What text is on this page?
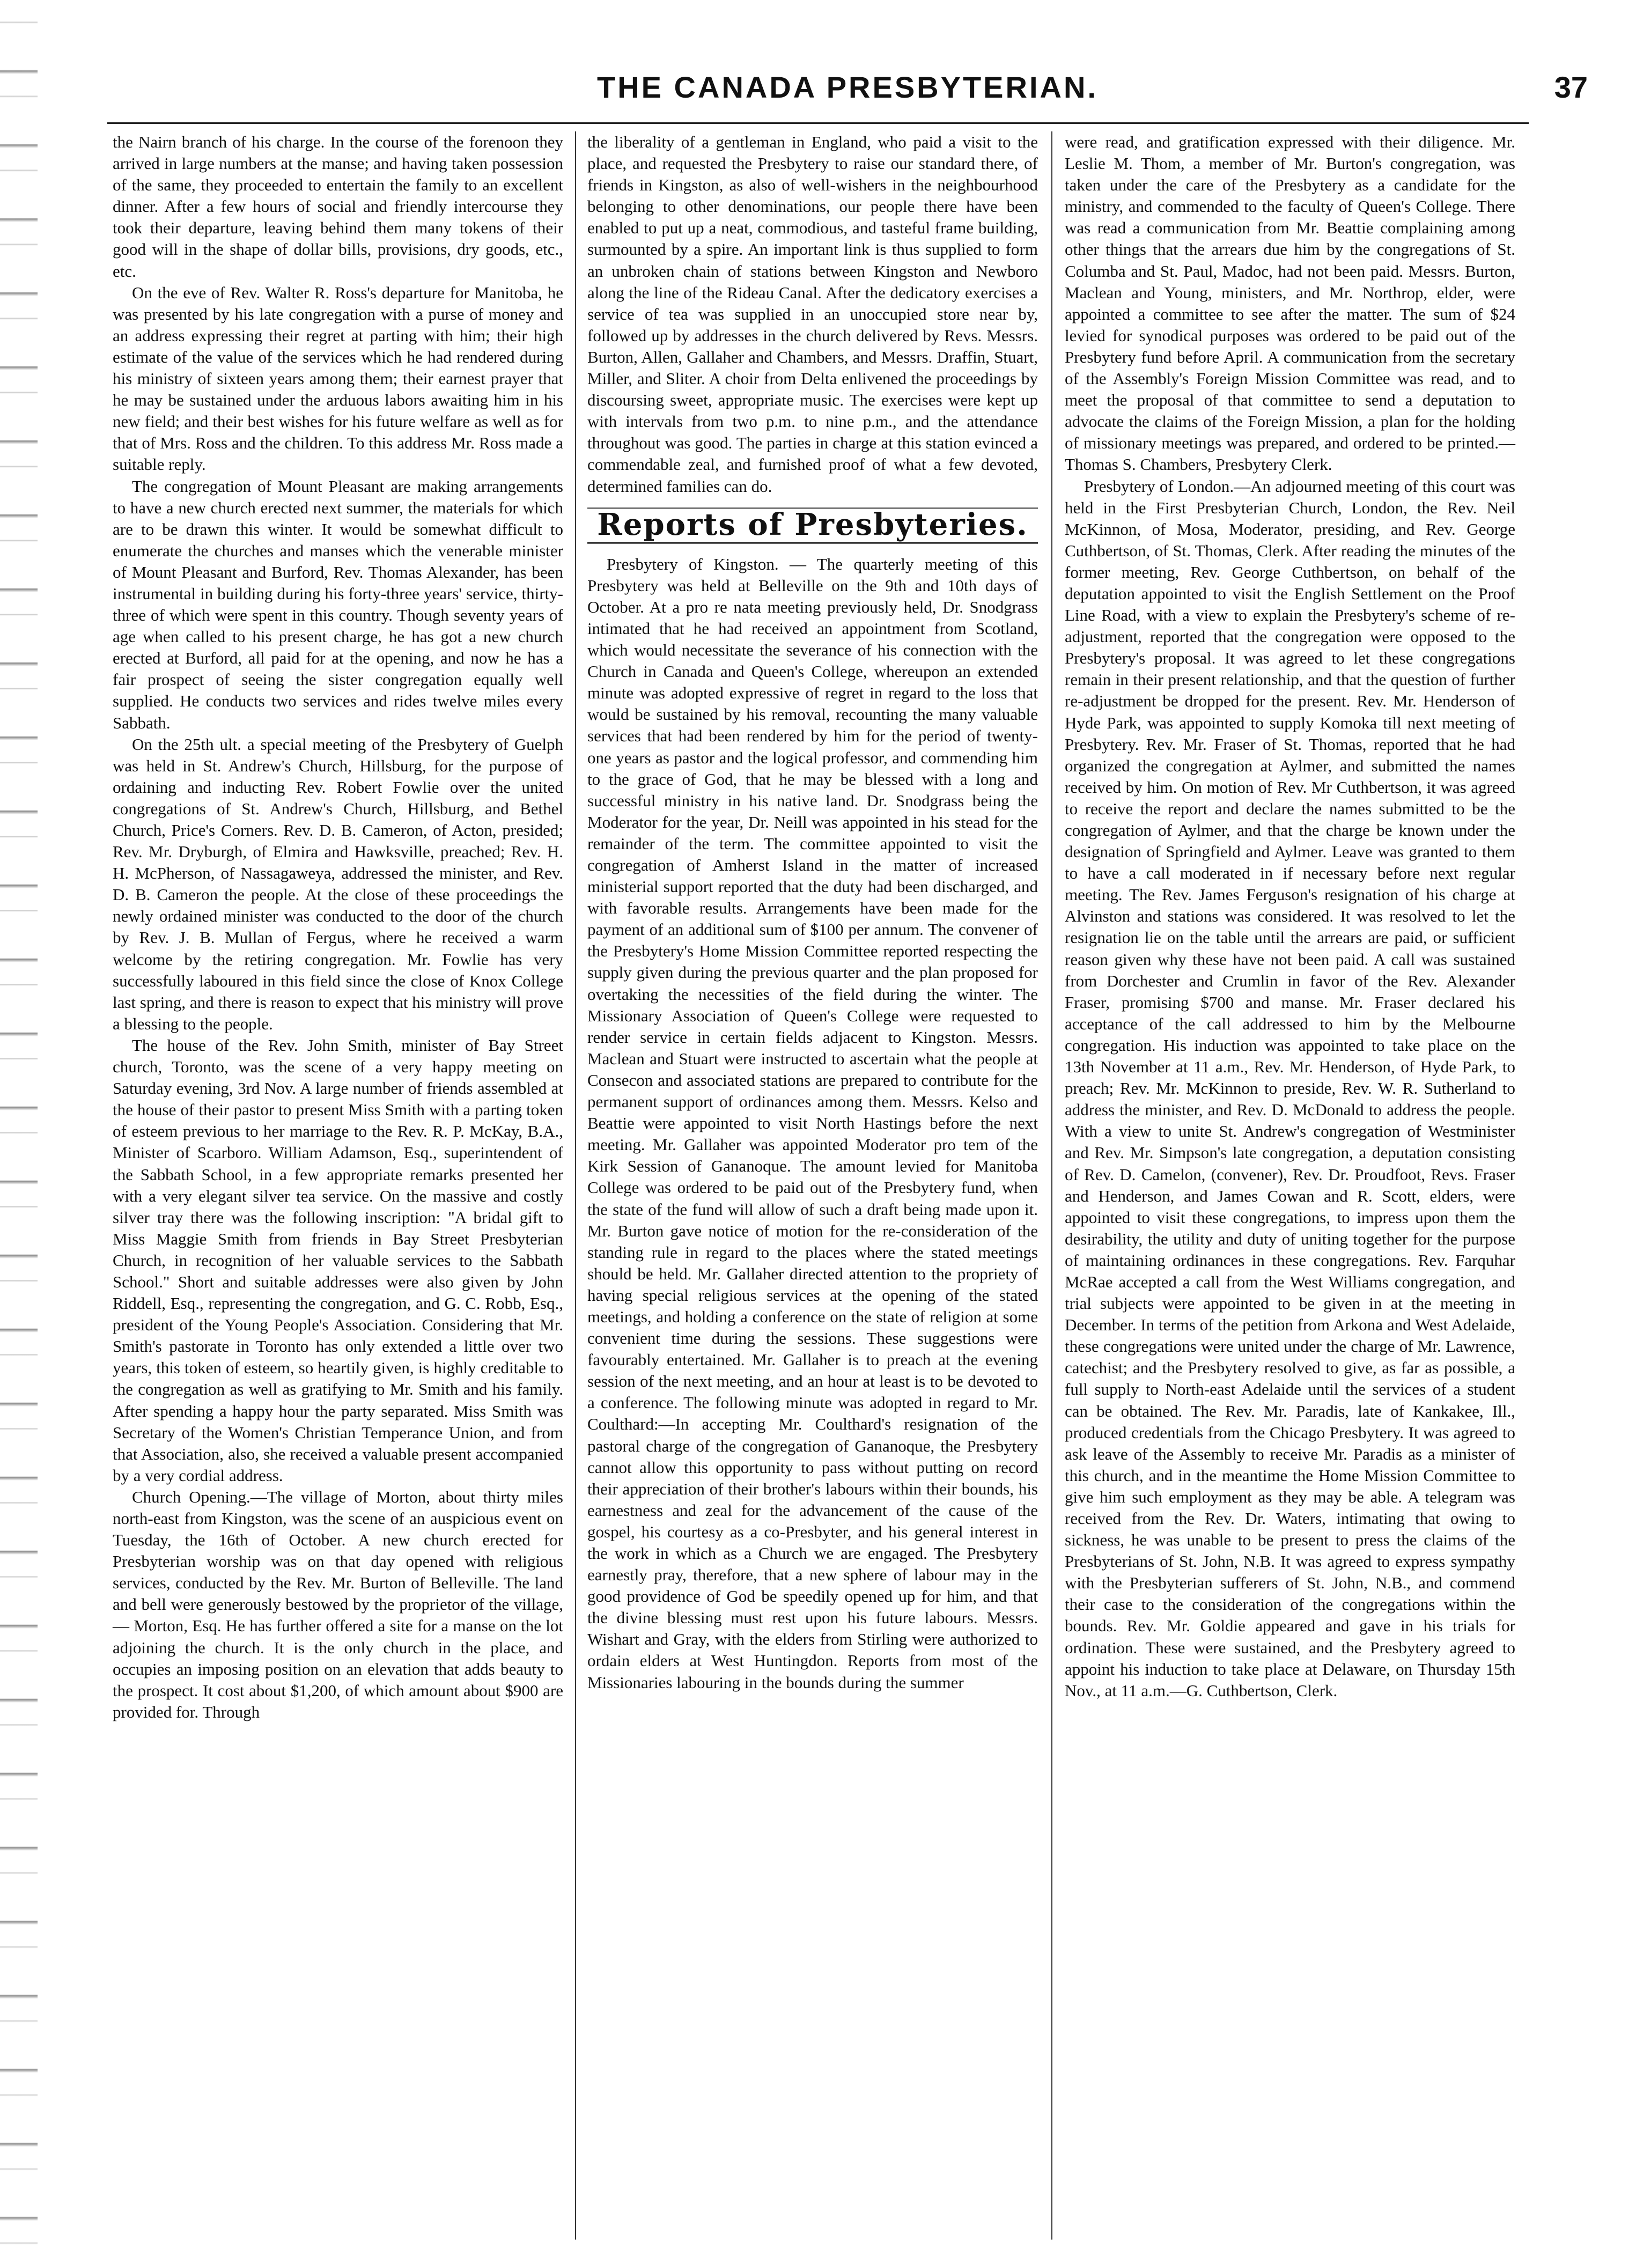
THE CANADA PRESBYTERIAN.	37

the Nairn branch of his charge. In the course of the forenoon they arrived in large numbers at the manse; and having taken possession of the same, they proceeded to entertain the family to an excellent dinner. After a few hours of social and friendly intercourse they took their departure, leaving behind them many tokens of their good will in the shape of dollar bills, provisions, dry goods, etc., etc.

On the eve of Rev. Walter R. Ross's departure for Manitoba, he was presented by his late congregation with a purse of money and an address expressing their regret at parting with him; their high estimate of the value of the services which he had rendered during his ministry of sixteen years among them; their earnest prayer that he may be sustained under the arduous labors awaiting him in his new field; and their best wishes for his future welfare as well as for that of Mrs. Ross and the children. To this address Mr. Ross made a suitable reply.

The congregation of Mount Pleasant are making arrangements to have a new church erected next summer, the materials for which are to be drawn this winter. It would be somewhat difficult to enumerate the churches and manses which the venerable minister of Mount Pleasant and Burford, Rev. Thomas Alexander, has been instrumental in building during his forty-three years' service, thirty-three of which were spent in this country. Though seventy years of age when called to his present charge, he has got a new church erected at Burford, all paid for at the opening, and now he has a fair prospect of seeing the sister congregation equally well supplied. He conducts two services and rides twelve miles every Sabbath.

On the 25th ult. a special meeting of the Presbytery of Guelph was held in St. Andrew's Church, Hillsburg, for the purpose of ordaining and inducting Rev. Robert Fowlie over the united congregations of St. Andrew's Church, Hillsburg, and Bethel Church, Price's Corners. Rev. D. B. Cameron, of Acton, presided; Rev. Mr. Dryburgh, of Elmira and Hawksville, preached; Rev. H. H. McPherson, of Nassagaweya, addressed the minister, and Rev. D. B. Cameron the people. At the close of these proceedings the newly ordained minister was conducted to the door of the church by Rev. J. B. Mullan of Fergus, where he received a warm welcome by the retiring congregation. Mr. Fowlie has very successfully laboured in this field since the close of Knox College last spring, and there is reason to expect that his ministry will prove a blessing to the people.

The house of the Rev. John Smith, minister of Bay Street church, Toronto, was the scene of a very happy meeting on Saturday evening, 3rd Nov. A large number of friends assembled at the house of their pastor to present Miss Smith with a parting token of esteem previous to her marriage to the Rev. R. P. McKay, B.A., Minister of Scarboro. William Adamson, Esq., superintendent of the Sabbath School, in a few appropriate remarks presented her with a very elegant silver tea service. On the massive and costly silver tray there was the following inscription: "A bridal gift to Miss Maggie Smith from friends in Bay Street Presbyterian Church, in recognition of her valuable services to the Sabbath School." Short and suitable addresses were also given by John Riddell, Esq., representing the congregation, and G. C. Robb, Esq., president of the Young People's Association. Considering that Mr. Smith's pastorate in Toronto has only extended a little over two years, this token of esteem, so heartily given, is highly creditable to the congregation as well as gratifying to Mr. Smith and his family. After spending a happy hour the party separated. Miss Smith was Secretary of the Women's Christian Temperance Union, and from that Association, also, she received a valuable present accompanied by a very cordial address.

Church Opening.—The village of Morton, about thirty miles north-east from Kingston, was the scene of an auspicious event on Tuesday, the 16th of October. A new church erected for Presbyterian worship was on that day opened with religious services, conducted by the Rev. Mr. Burton of Belleville. The land and bell were generously bestowed by the proprietor of the village, — Morton, Esq. He has further offered a site for a manse on the lot adjoining the church. It is the only church in the place, and occupies an imposing position on an elevation that adds beauty to the prospect. It cost about $1,200, of which amount about $900 are provided for. Through

the liberality of a gentleman in England, who paid a visit to the place, and requested the Presbytery to raise our standard there, of friends in Kingston, as also of well-wishers in the neighbourhood belonging to other denominations, our people there have been enabled to put up a neat, commodious, and tasteful frame building, surmounted by a spire. An important link is thus supplied to form an unbroken chain of stations between Kingston and Newboro along the line of the Rideau Canal. After the dedicatory exercises a service of tea was supplied in an unoccupied store near by, followed up by addresses in the church delivered by Revs. Messrs. Burton, Allen, Gallaher and Chambers, and Messrs. Draffin, Stuart, Miller, and Sliter. A choir from Delta enlivened the proceedings by discoursing sweet, appropriate music. The exercises were kept up with intervals from two p.m. to nine p.m., and the attendance throughout was good. The parties in charge at this station evinced a commendable zeal, and furnished proof of what a few devoted, determined families can do.

Reports of Presbyteries.

Presbytery of Kingston. — The quarterly meeting of this Presbytery was held at Belleville on the 9th and 10th days of October. At a pro re nata meeting previously held, Dr. Snodgrass intimated that he had received an appointment from Scotland, which would necessitate the severance of his connection with the Church in Canada and Queen's College, whereupon an extended minute was adopted expressive of regret in regard to the loss that would be sustained by his removal, recounting the many valuable services that had been rendered by him for the period of twenty-one years as pastor and the logical professor, and commending him to the grace of God, that he may be blessed with a long and successful ministry in his native land. Dr. Snodgrass being the Moderator for the year, Dr. Neill was appointed in his stead for the remainder of the term. The committee appointed to visit the congregation of Amherst Island in the matter of increased ministerial support reported that the duty had been discharged, and with favorable results. Arrangements have been made for the payment of an additional sum of $100 per annum. The convener of the Presbytery's Home Mission Committee reported respecting the supply given during the previous quarter and the plan proposed for overtaking the necessities of the field during the winter. The Missionary Association of Queen's College were requested to render service in certain fields adjacent to Kingston. Messrs. Maclean and Stuart were instructed to ascertain what the people at Consecon and associated stations are prepared to contribute for the permanent support of ordinances among them. Messrs. Kelso and Beattie were appointed to visit North Hastings before the next meeting. Mr. Gallaher was appointed Moderator pro tem of the Kirk Session of Gananoque. The amount levied for Manitoba College was ordered to be paid out of the Presbytery fund, when the state of the fund will allow of such a draft being made upon it. Mr. Burton gave notice of motion for the re-consideration of the standing rule in regard to the places where the stated meetings should be held. Mr. Gallaher directed attention to the propriety of having special religious services at the opening of the stated meetings, and holding a conference on the state of religion at some convenient time during the sessions. These suggestions were favourably entertained. Mr. Gallaher is to preach at the evening session of the next meeting, and an hour at least is to be devoted to a conference. The following minute was adopted in regard to Mr. Coulthard:—In accepting Mr. Coulthard's resignation of the pastoral charge of the congregation of Gananoque, the Presbytery cannot allow this opportunity to pass without putting on record their appreciation of their brother's labours within their bounds, his earnestness and zeal for the advancement of the cause of the gospel, his courtesy as a co-Presbyter, and his general interest in the work in which as a Church we are engaged. The Presbytery earnestly pray, therefore, that a new sphere of labour may in the good providence of God be speedily opened up for him, and that the divine blessing must rest upon his future labours. Messrs. Wishart and Gray, with the elders from Stirling were authorized to ordain elders at West Huntingdon. Reports from most of the Missionaries labouring in the bounds during the summer

were read, and gratification expressed with their diligence. Mr. Leslie M. Thom, a member of Mr. Burton's congregation, was taken under the care of the Presbytery as a candidate for the ministry, and commended to the faculty of Queen's College. There was read a communication from Mr. Beattie complaining among other things that the arrears due him by the congregations of St. Columba and St. Paul, Madoc, had not been paid. Messrs. Burton, Maclean and Young, ministers, and Mr. Northrop, elder, were appointed a committee to see after the matter. The sum of $24 levied for synodical purposes was ordered to be paid out of the Presbytery fund before April. A communication from the secretary of the Assembly's Foreign Mission Committee was read, and to meet the proposal of that committee to send a deputation to advocate the claims of the Foreign Mission, a plan for the holding of missionary meetings was prepared, and ordered to be printed.—Thomas S. Chambers, Presbytery Clerk.

Presbytery of London.—An adjourned meeting of this court was held in the First Presbyterian Church, London, the Rev. Neil McKinnon, of Mosa, Moderator, presiding, and Rev. George Cuthbertson, of St. Thomas, Clerk. After reading the minutes of the former meeting, Rev. George Cuthbertson, on behalf of the deputation appointed to visit the English Settlement on the Proof Line Road, with a view to explain the Presbytery's scheme of re-adjustment, reported that the congregation were opposed to the Presbytery's proposal. It was agreed to let these congregations remain in their present relationship, and that the question of further re-adjustment be dropped for the present. Rev. Mr. Henderson of Hyde Park, was appointed to supply Komoka till next meeting of Presbytery. Rev. Mr. Fraser of St. Thomas, reported that he had organized the congregation at Aylmer, and submitted the names received by him. On motion of Rev. Mr Cuthbertson, it was agreed to receive the report and declare the names submitted to be the congregation of Aylmer, and that the charge be known under the designation of Springfield and Aylmer. Leave was granted to them to have a call moderated in if necessary before next regular meeting. The Rev. James Ferguson's resignation of his charge at Alvinston and stations was considered. It was resolved to let the resignation lie on the table until the arrears are paid, or sufficient reason given why these have not been paid. A call was sustained from Dorchester and Crumlin in favor of the Rev. Alexander Fraser, promising $700 and manse. Mr. Fraser declared his acceptance of the call addressed to him by the Melbourne congregation. His induction was appointed to take place on the 13th November at 11 a.m., Rev. Mr. Henderson, of Hyde Park, to preach; Rev. Mr. McKinnon to preside, Rev. W. R. Sutherland to address the minister, and Rev. D. McDonald to address the people. With a view to unite St. Andrew's congregation of Westminister and Rev. Mr. Simpson's late congregation, a deputation consisting of Rev. D. Camelon, (convener), Rev. Dr. Proudfoot, Revs. Fraser and Henderson, and James Cowan and R. Scott, elders, were appointed to visit these congregations, to impress upon them the desirability, the utility and duty of uniting together for the purpose of maintaining ordinances in these congregations. Rev. Farquhar McRae accepted a call from the West Williams congregation, and trial subjects were appointed to be given in at the meeting in December. In terms of the petition from Arkona and West Adelaide, these congregations were united under the charge of Mr. Lawrence, catechist; and the Presbytery resolved to give, as far as possible, a full supply to North-east Adelaide until the services of a student can be obtained. The Rev. Mr. Paradis, late of Kankakee, Ill., produced credentials from the Chicago Presbytery. It was agreed to ask leave of the Assembly to receive Mr. Paradis as a minister of this church, and in the meantime the Home Mission Committee to give him such employment as they may be able. A telegram was received from the Rev. Dr. Waters, intimating that owing to sickness, he was unable to be present to press the claims of the Presbyterians of St. John, N.B. It was agreed to express sympathy with the Presbyterian sufferers of St. John, N.B., and commend their case to the consideration of the congregations within the bounds. Rev. Mr. Goldie appeared and gave in his trials for ordination. These were sustained, and the Presbytery agreed to appoint his induction to take place at Delaware, on Thursday 15th Nov., at 11 a.m.—G. Cuthbertson, Clerk.
